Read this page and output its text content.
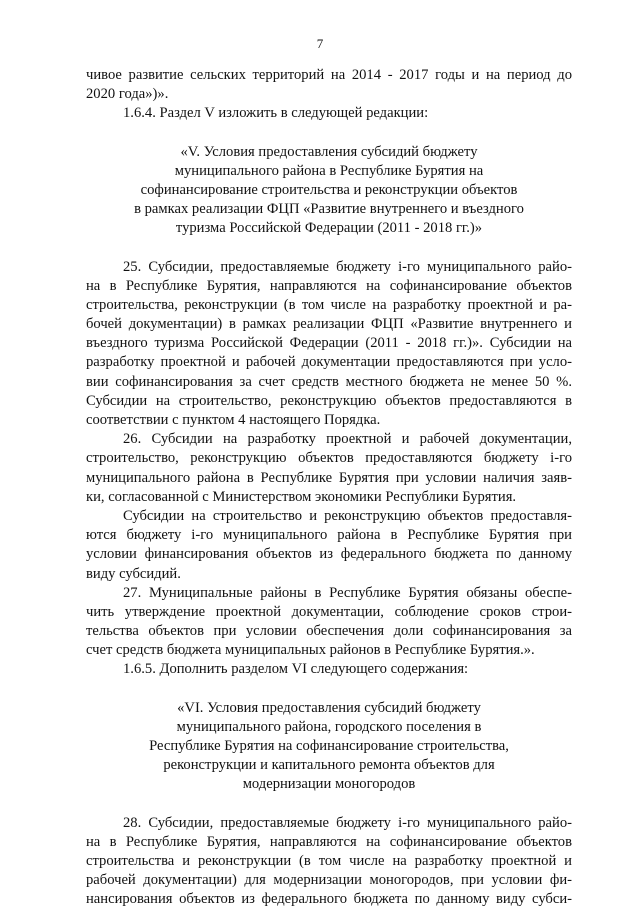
7
чивое развитие сельских территорий на 2014 - 2017 годы и на период до
2020 года»)».
1.6.4. Раздел V изложить в следующей редакции:
«V. Условия предоставления субсидий бюджету
муниципального района в Республике Бурятия на
софинансирование строительства и реконструкции объектов
в рамках реализации ФЦП «Развитие внутреннего и въездного
туризма Российской Федерации (2011 - 2018 гг.)»
25. Субсидии, предоставляемые бюджету i-го муниципального райо-
на в Республике Бурятия, направляются на софинансирование объектов
строительства, реконструкции (в том числе на разработку проектной и ра-
бочей документации) в рамках реализации ФЦП «Развитие внутреннего и
въездного туризма Российской Федерации (2011 - 2018 гг.)». Субсидии на
разработку проектной и рабочей документации предоставляются при усло-
вии софинансирования за счет средств местного бюджета не менее 50 %.
Субсидии на строительство, реконструкцию объектов предоставляются в
соответствии с пунктом 4 настоящего Порядка.
26. Субсидии на разработку проектной и рабочей документации,
строительство, реконструкцию объектов предоставляются бюджету i-го
муниципального района в Республике Бурятия при условии наличия заяв-
ки, согласованной с Министерством экономики Республики Бурятия.
Субсидии на строительство и реконструкцию объектов предоставля-
ются бюджету i-го муниципального района в Республике Бурятия при
условии финансирования объектов из федерального бюджета по данному
виду субсидий.
27. Муниципальные районы в Республике Бурятия обязаны обеспе-
чить утверждение проектной документации, соблюдение сроков строи-
тельства объектов при условии обеспечения доли софинансирования за
счет средств бюджета муниципальных районов в Республике Бурятия.».
1.6.5. Дополнить разделом VI следующего содержания:
«VI. Условия предоставления субсидий бюджету
муниципального района, городского поселения в
Республике Бурятия на софинансирование строительства,
реконструкции и капитального ремонта объектов для
модернизации моногородов
28. Субсидии, предоставляемые бюджету i-го муниципального райо-
на в Республике Бурятия, направляются на софинансирование объектов
строительства и реконструкции (в том числе на разработку проектной и
рабочей документации) для модернизации моногородов, при условии фи-
нансирования объектов из федерального бюджета по данному виду субси-
